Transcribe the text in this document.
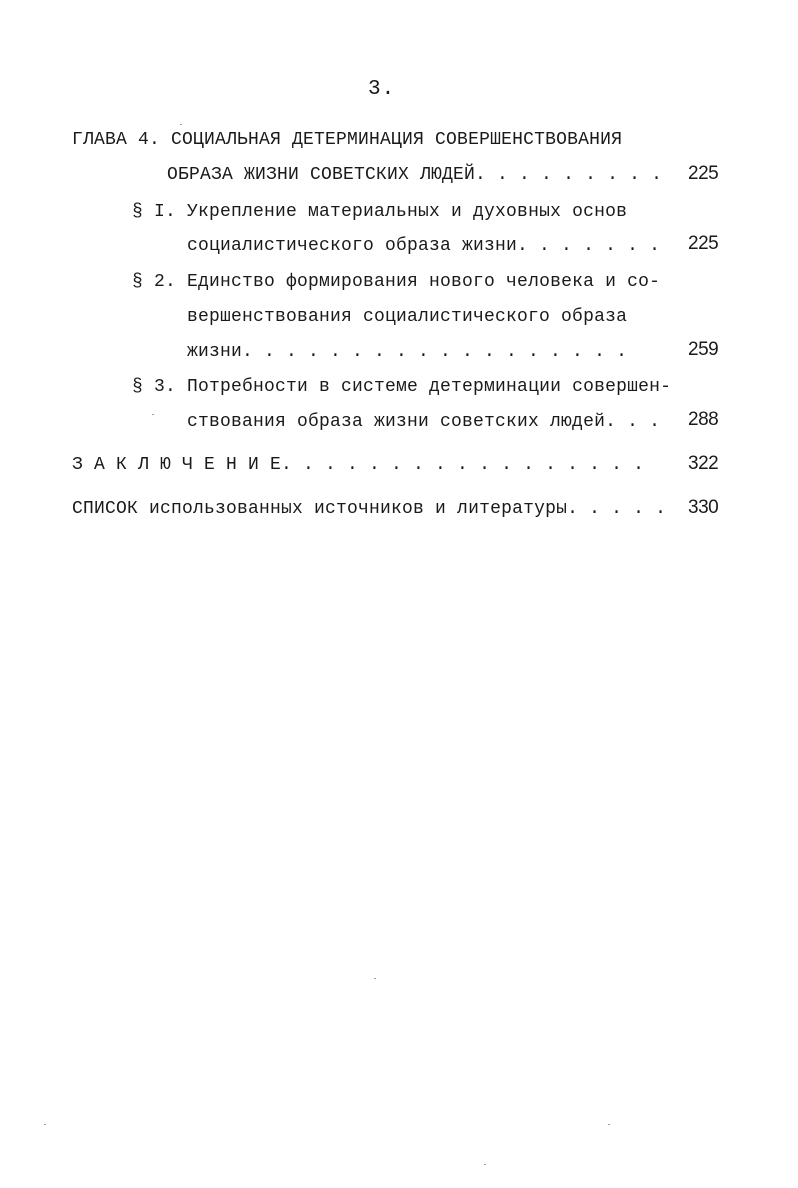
3.
ГЛАВА 4. СОЦИАЛЬНАЯ ДЕТЕРМИНАЦИЯ СОВЕРШЕНСТВОВАНИЯ
ОБРАЗА ЖИЗНИ СОВЕТСКИХ ЛЮДЕЙ. . . . . . . . . 225
§ I. Укрепление материальных и духовных основ
социалистического образа жизни. . . . . . . 225
§ 2. Единство формирования нового человека и со-
вершенствования социалистического образа
жизни. . . . . . . . . . . . . . . . . .	259
§ 3. Потребности в системе детерминации совершен-
ствования образа жизни советских людей. . . 288
З А К Л Ю Ч Е Н И Е. . . . . . . . . . . . . . . . . 322
СПИСОК использованных источников и литературы. . . . . 330
